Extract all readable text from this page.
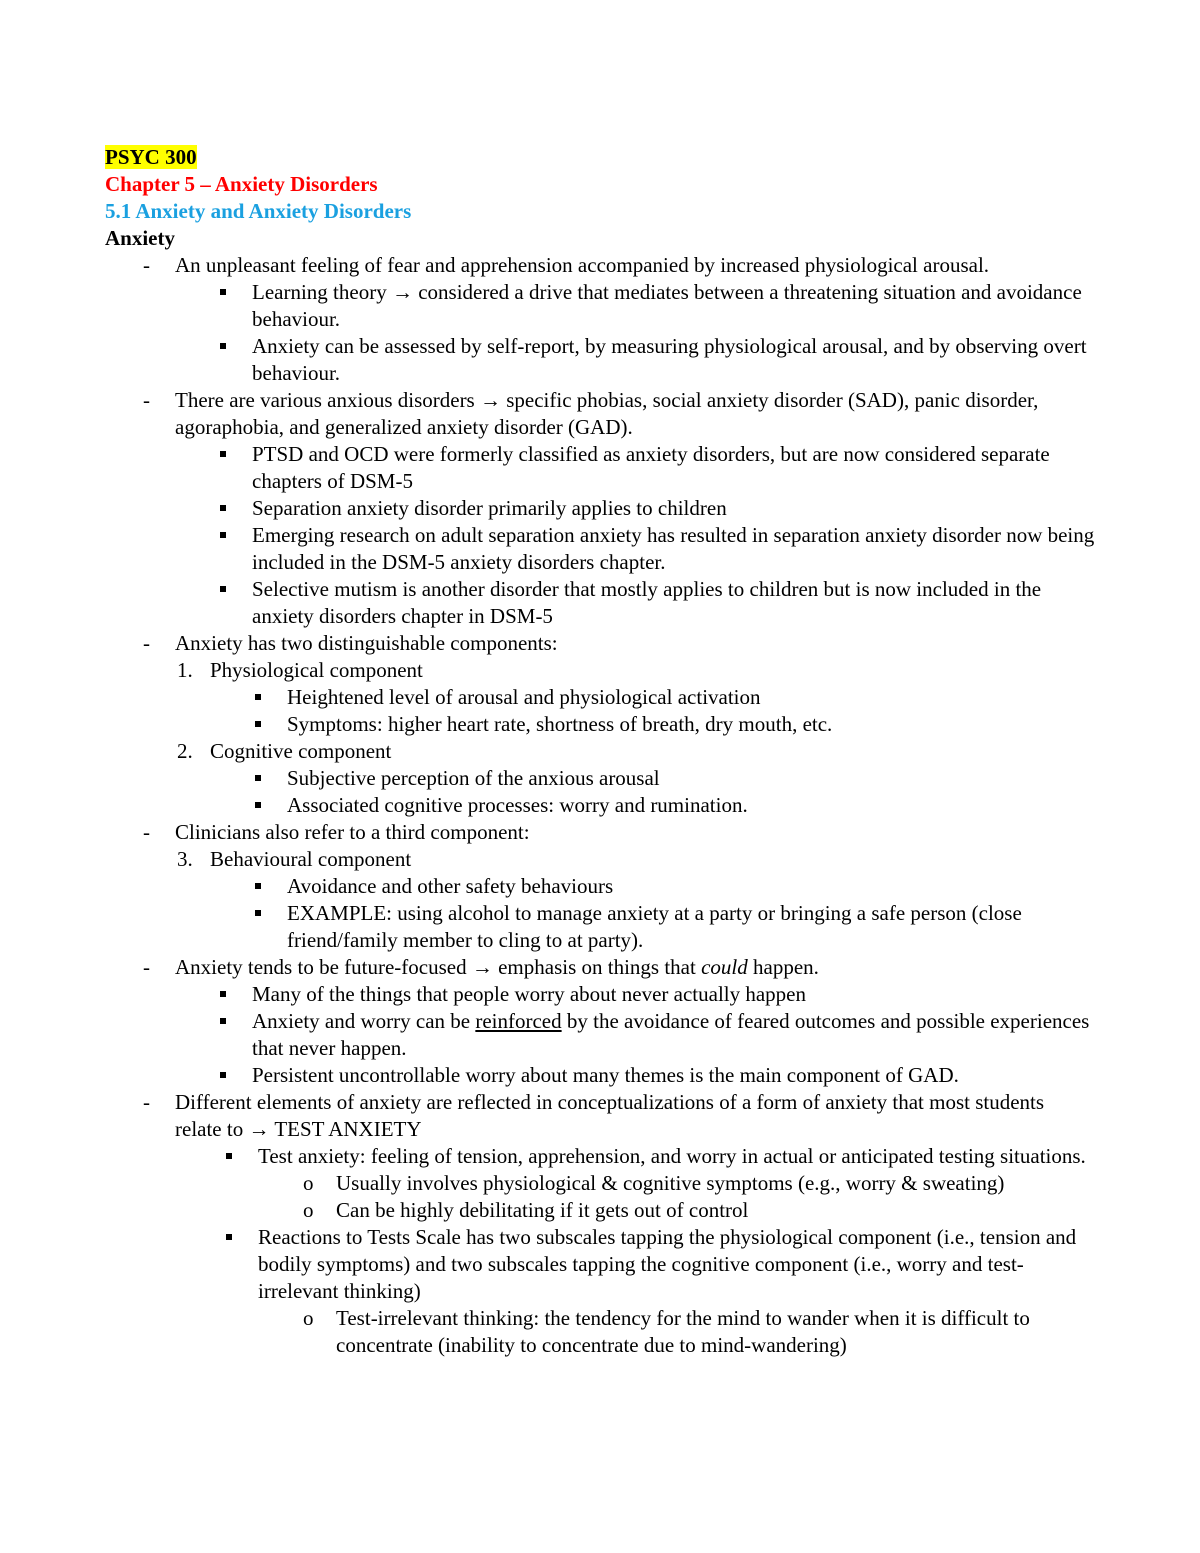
PSYC 300
Chapter 5 – Anxiety Disorders
5.1 Anxiety and Anxiety Disorders
Anxiety
- An unpleasant feeling of fear and apprehension accompanied by increased physiological arousal.
Learning theory → considered a drive that mediates between a threatening situation and avoidance behaviour.
Anxiety can be assessed by self-report, by measuring physiological arousal, and by observing overt behaviour.
- There are various anxious disorders → specific phobias, social anxiety disorder (SAD), panic disorder, agoraphobia, and generalized anxiety disorder (GAD).
PTSD and OCD were formerly classified as anxiety disorders, but are now considered separate chapters of DSM-5
Separation anxiety disorder primarily applies to children
Emerging research on adult separation anxiety has resulted in separation anxiety disorder now being included in the DSM-5 anxiety disorders chapter.
Selective mutism is another disorder that mostly applies to children but is now included in the anxiety disorders chapter in DSM-5
- Anxiety has two distinguishable components:
1. Physiological component
Heightened level of arousal and physiological activation
Symptoms: higher heart rate, shortness of breath, dry mouth, etc.
2. Cognitive component
Subjective perception of the anxious arousal
Associated cognitive processes: worry and rumination.
- Clinicians also refer to a third component:
3. Behavioural component
Avoidance and other safety behaviours
EXAMPLE: using alcohol to manage anxiety at a party or bringing a safe person (close friend/family member to cling to at party).
- Anxiety tends to be future-focused → emphasis on things that could happen.
Many of the things that people worry about never actually happen
Anxiety and worry can be reinforced by the avoidance of feared outcomes and possible experiences that never happen.
Persistent uncontrollable worry about many themes is the main component of GAD.
- Different elements of anxiety are reflected in conceptualizations of a form of anxiety that most students relate to → TEST ANXIETY
Test anxiety: feeling of tension, apprehension, and worry in actual or anticipated testing situations.
o Usually involves physiological & cognitive symptoms (e.g., worry & sweating)
o Can be highly debilitating if it gets out of control
Reactions to Tests Scale has two subscales tapping the physiological component (i.e., tension and bodily symptoms) and two subscales tapping the cognitive component (i.e., worry and test-irrelevant thinking)
o Test-irrelevant thinking: the tendency for the mind to wander when it is difficult to concentrate (inability to concentrate due to mind-wandering)
